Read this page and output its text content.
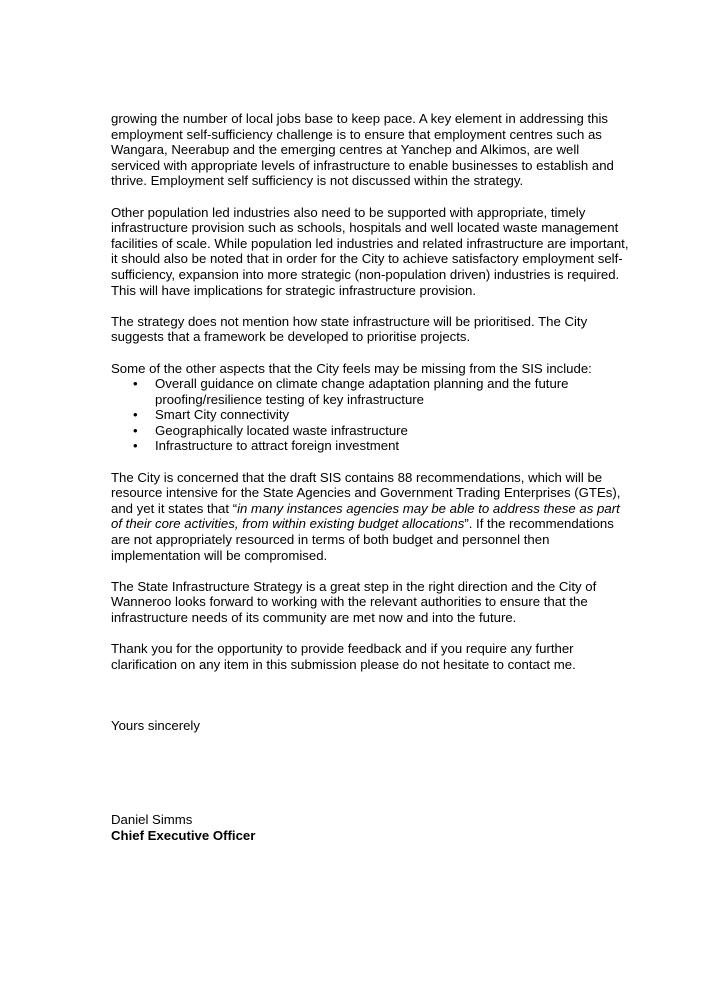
growing the number of local jobs base to keep pace. A key element in addressing this employment self-sufficiency challenge is to ensure that employment centres such as Wangara, Neerabup and the emerging centres at Yanchep and Alkimos, are well serviced with appropriate levels of infrastructure to enable businesses to establish and thrive. Employment self sufficiency is not discussed within the strategy.

Other population led industries also need to be supported with appropriate, timely infrastructure provision such as schools, hospitals and well located waste management facilities of scale. While population led industries and related infrastructure are important, it should also be noted that in order for the City to achieve satisfactory employment self-sufficiency, expansion into more strategic (non-population driven) industries is required. This will have implications for strategic infrastructure provision.

The strategy does not mention how state infrastructure will be prioritised. The City suggests that a framework be developed to prioritise projects.

Some of the other aspects that the City feels may be missing from the SIS include:

• Overall guidance on climate change adaptation planning and the future proofing/resilience testing of key infrastructure
• Smart City connectivity
• Geographically located waste infrastructure
• Infrastructure to attract foreign investment

The City is concerned that the draft SIS contains 88 recommendations, which will be resource intensive for the State Agencies and Government Trading Enterprises (GTEs), and yet it states that “in many instances agencies may be able to address these as part of their core activities, from within existing budget allocations”. If the recommendations are not appropriately resourced in terms of both budget and personnel then implementation will be compromised.

The State Infrastructure Strategy is a great step in the right direction and the City of Wanneroo looks forward to working with the relevant authorities to ensure that the infrastructure needs of its community are met now and into the future.

Thank you for the opportunity to provide feedback and if you require any further clarification on any item in this submission please do not hesitate to contact me.

Yours sincerely

Daniel Simms
Chief Executive Officer
